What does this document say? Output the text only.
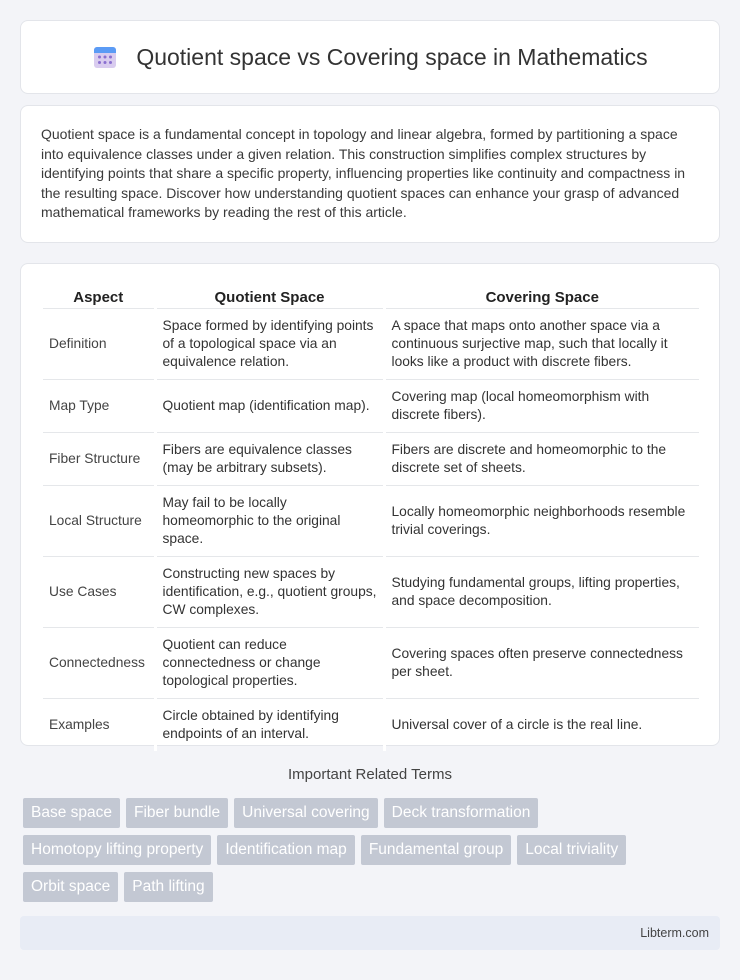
Quotient space vs Covering space in Mathematics

Quotient space is a fundamental concept in topology and linear algebra, formed by partitioning a space into equivalence classes under a given relation. This construction simplifies complex structures by identifying points that share a specific property, influencing properties like continuity and compactness in the resulting space. Discover how understanding quotient spaces can enhance your grasp of advanced mathematical frameworks by reading the rest of this article.

Aspect	Quotient Space	Covering Space
Definition	Space formed by identifying points of a topological space via an equivalence relation.	A space that maps onto another space via a continuous surjective map, such that locally it looks like a product with discrete fibers.
Map Type	Quotient map (identification map).	Covering map (local homeomorphism with discrete fibers).
Fiber Structure	Fibers are equivalence classes (may be arbitrary subsets).	Fibers are discrete and homeomorphic to the discrete set of sheets.
Local Structure	May fail to be locally homeomorphic to the original space.	Locally homeomorphic neighborhoods resemble trivial coverings.
Use Cases	Constructing new spaces by identification, e.g., quotient groups, CW complexes.	Studying fundamental groups, lifting properties, and space decomposition.
Connectedness	Quotient can reduce connectedness or change topological properties.	Covering spaces often preserve connectedness per sheet.
Examples	Circle obtained by identifying endpoints of an interval.	Universal cover of a circle is the real line.
Important Related Terms
Base space	Fiber bundle	Universal covering	Deck transformation
Homotopy lifting property	Identification map	Fundamental group	Local triviality
Orbit space	Path lifting
Libterm.com
